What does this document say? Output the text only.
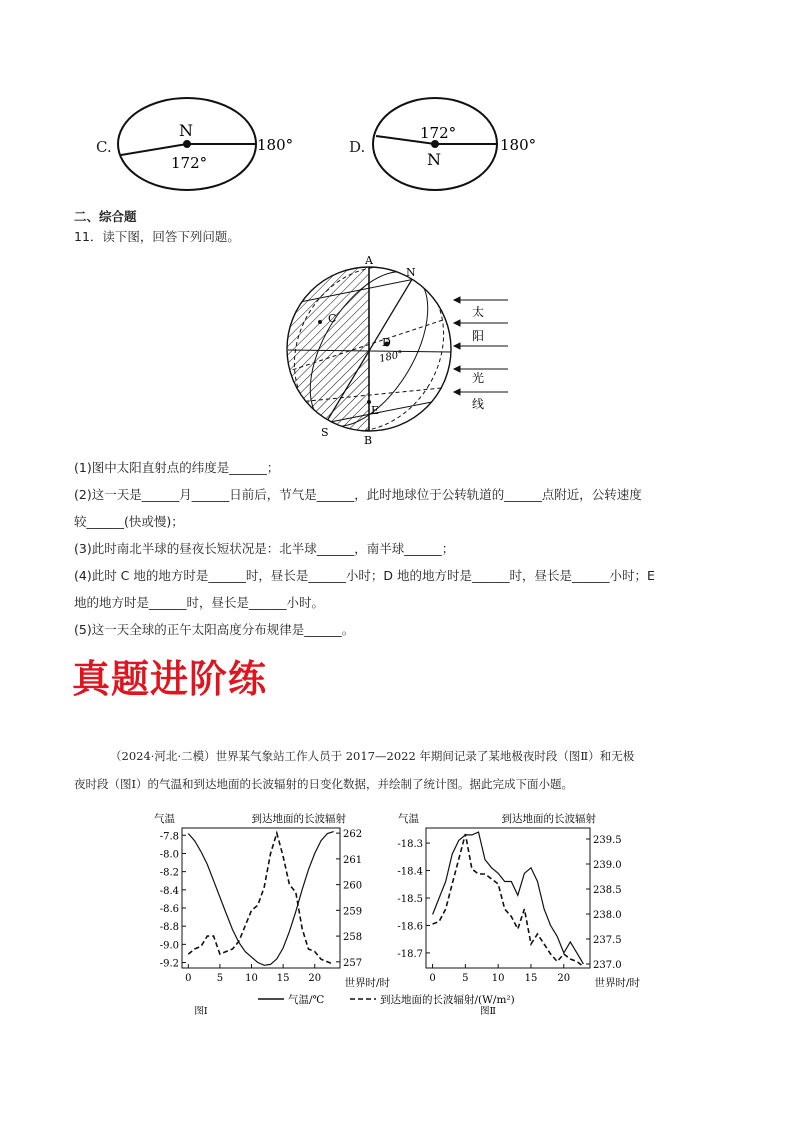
C.
N
172°
180°	D.
172°
N
180°
二、综合题
11．读下图，回答下列问题。
A
N
C
D
180°
E
B
S
太
阳
光
线
(1)图中太阳直射点的纬度是______；
(2)这一天是______月______日前后，节气是______，此时地球位于公转轨道的______点附近，公转速度
较______(快或慢)；
(3)此时南北半球的昼夜长短状况是：北半球______，南半球______；
(4)此时 C 地的地方时是______时，昼长是______小时；D 地的地方时是______时，昼长是______小时；E
地的地方时是______时，昼长是______小时。
(5)这一天全球的正午太阳高度分布规律是______。
真题进阶练
（2024·河北·二模）世界某气象站工作人员于 2017—2022 年期间记录了某地极夜时段（图Ⅱ）和无极
夜时段（图Ⅰ）的气温和到达地面的长波辐射的日变化数据，并绘制了统计图。据此完成下面小题。
气温	到达地面的长波辐射
世界时/时
-7.8
-8.0
-8.2
-8.4
-8.6
-8.8
-9.0
-9.2
262
261
260
259
258
257
0	5 10 15 20
图Ⅰ
气温	到达地面的长波辐射
世界时/时
-18.3
-18.4
-18.5
-18.6
-18.7
239.5
239.0
238.5
238.0
237.5
237.0
0	5 10 15 20
图Ⅱ
气温/℃	到达地面的长波辐射/(W/m²)
